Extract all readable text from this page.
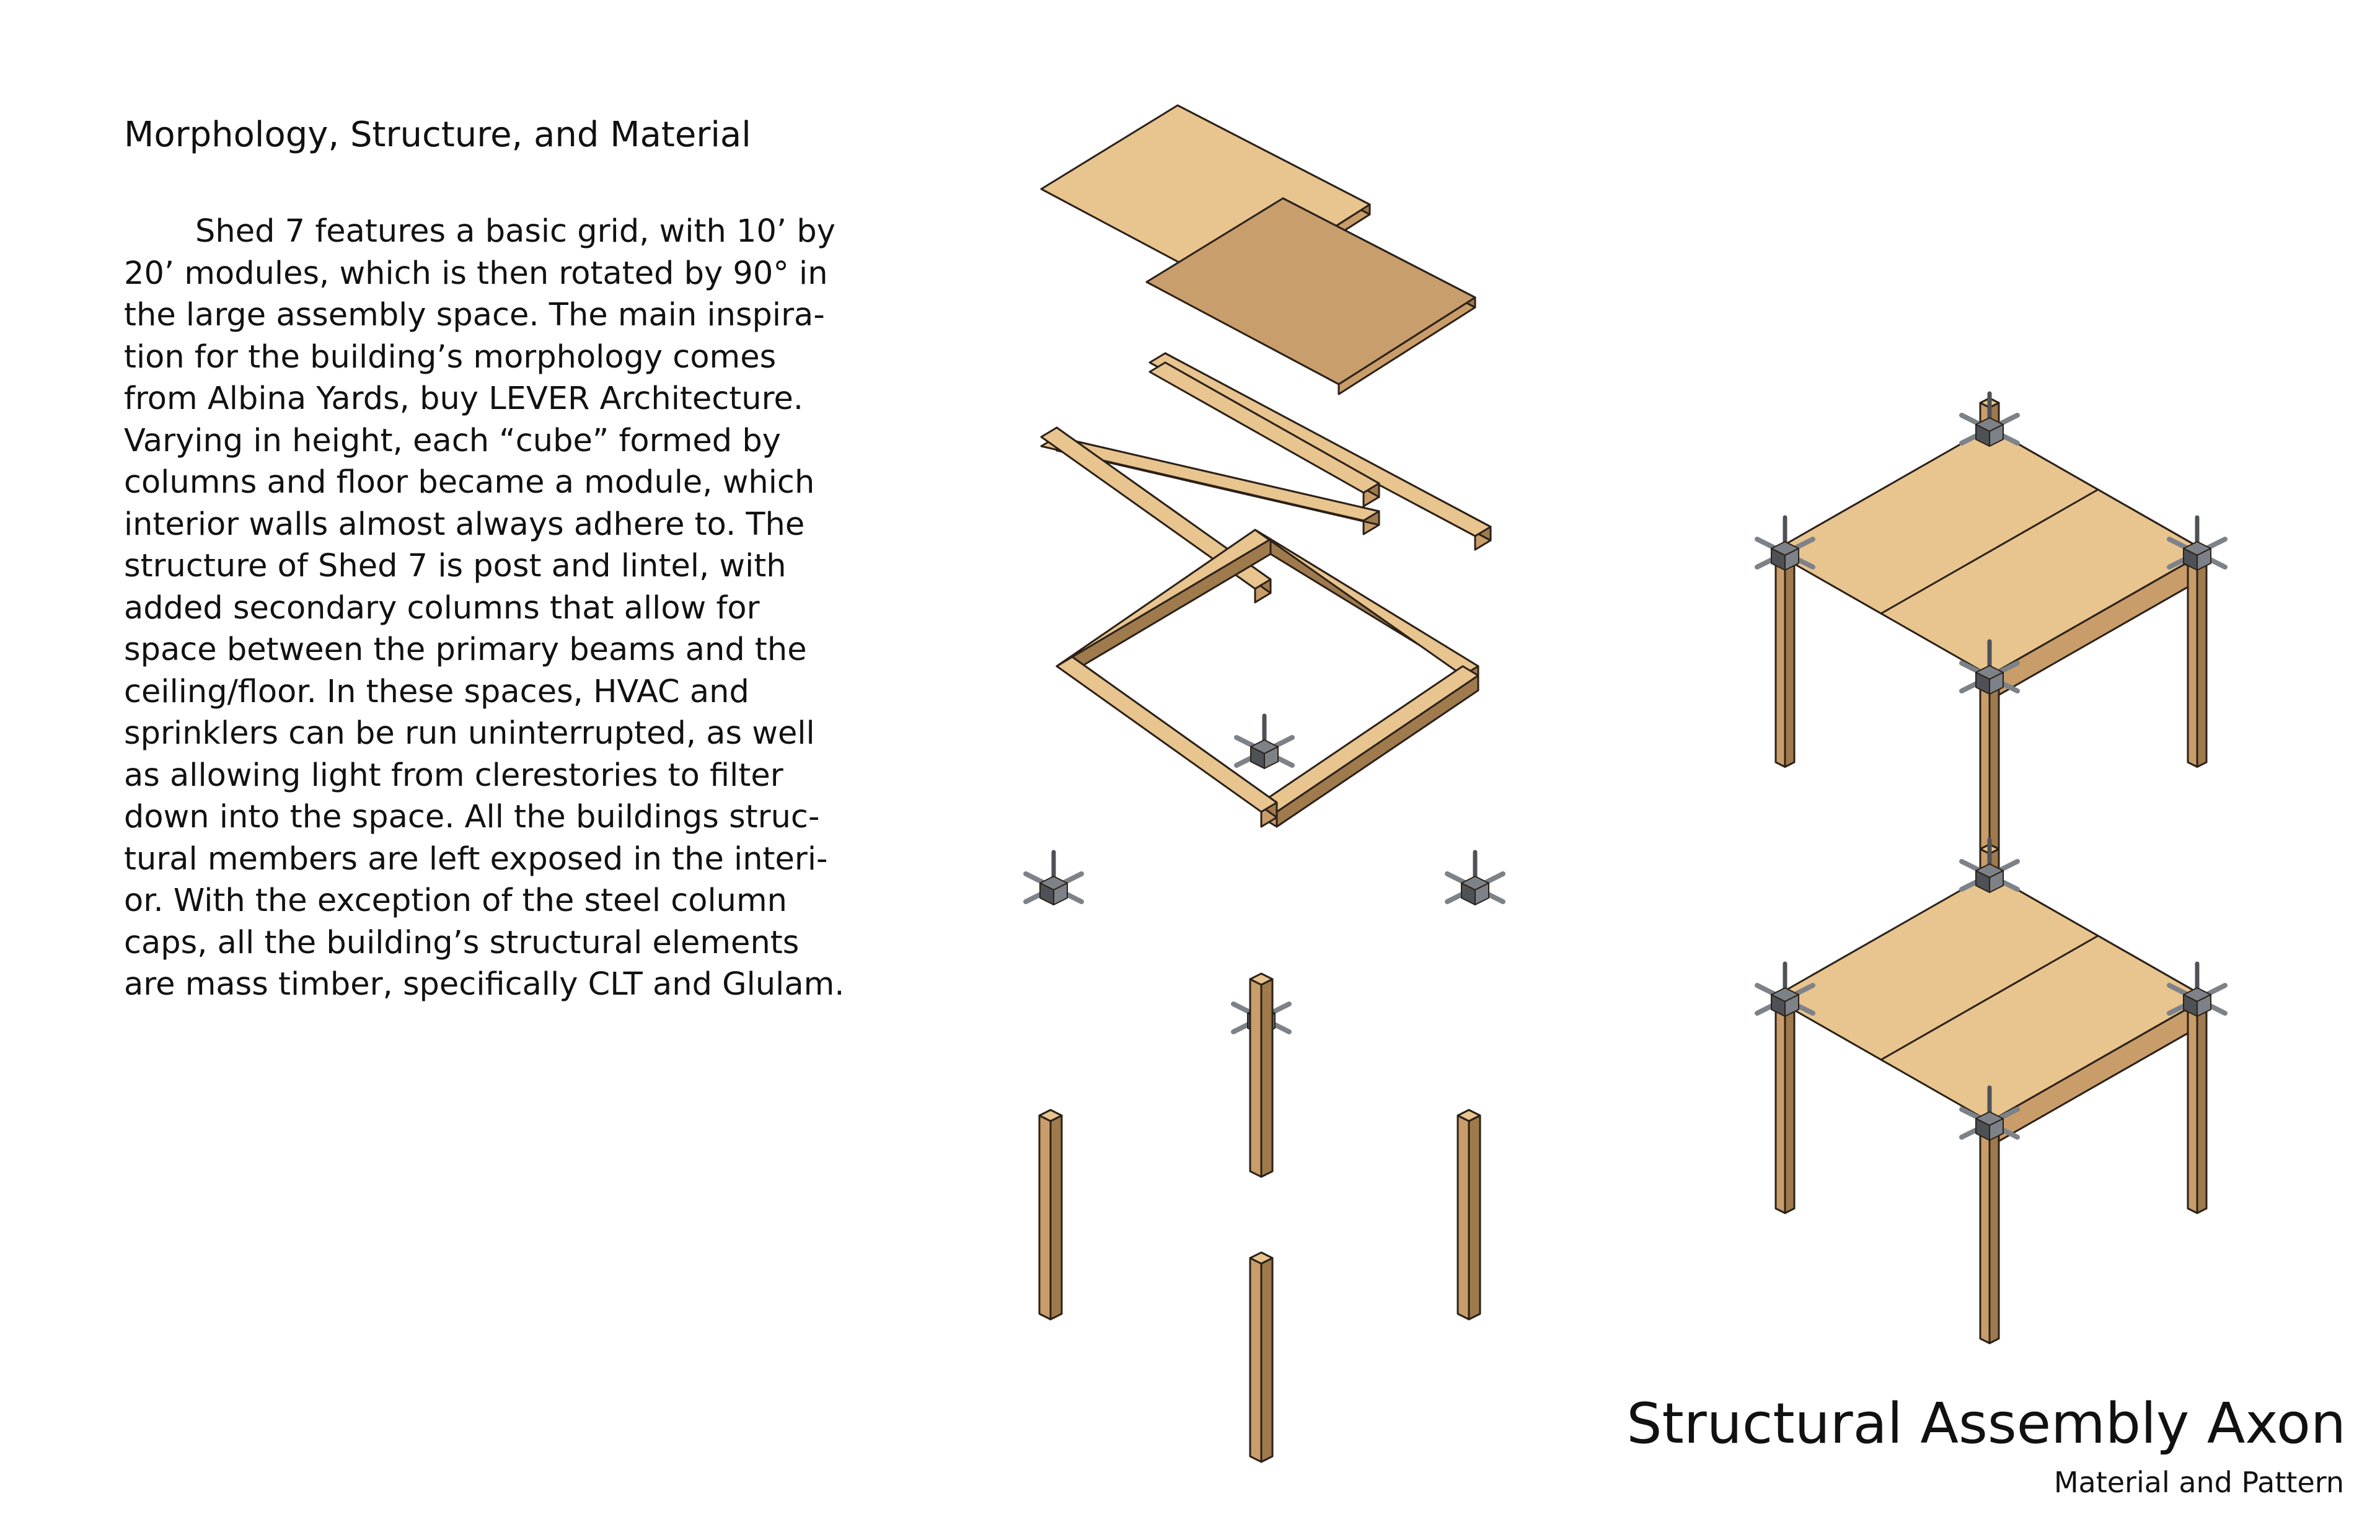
Morphology, Structure, and Material
Shed 7 features a basic grid, with 10’ by
20’ modules, which is then rotated by 90° in
the large assembly space. The main inspira-
tion for the building’s morphology comes
from Albina Yards, buy LEVER Architecture.
Varying in height, each “cube” formed by
columns and floor became a module, which
interior walls almost always adhere to. The
structure of Shed 7 is post and lintel, with
added secondary columns that allow for
space between the primary beams and the
ceiling/floor. In these spaces, HVAC and
sprinklers can be run uninterrupted, as well
as allowing light from clerestories to filter
down into the space. All the buildings struc-
tural members are left exposed in the interi-
or. With the exception of the steel column
caps, all the building’s structural elements
are mass timber, specifically CLT and Glulam.
Structural Assembly Axon
Material and Pattern
